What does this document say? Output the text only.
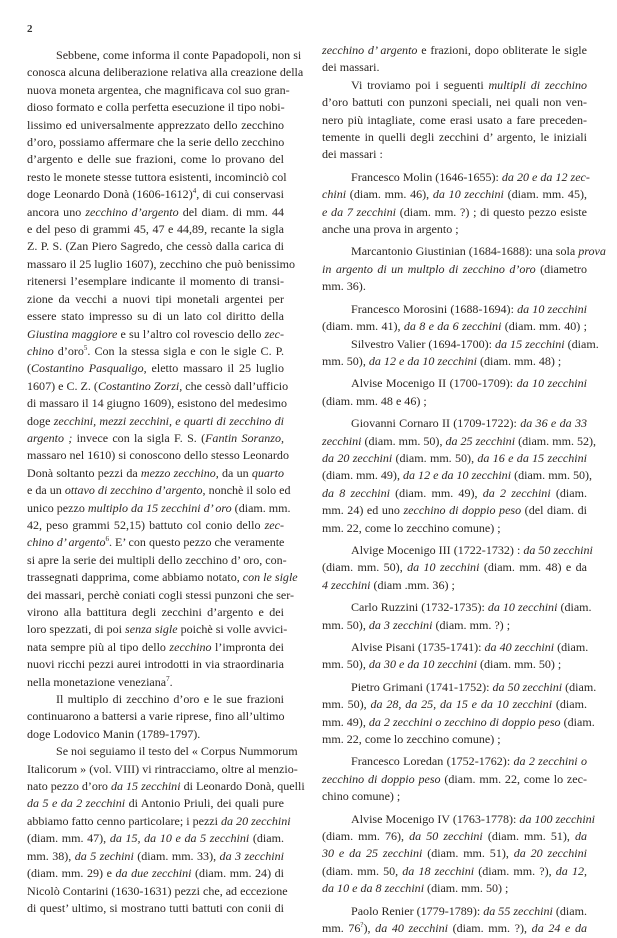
2
Sebbene, come informa il conte Papadopoli, non si
conosca alcuna deliberazione relativa alla creazione della
nuova moneta argentea, che magnificava col suo gran-
dioso formato e colla perfetta esecuzione il tipo nobi-
lissimo ed universalmente apprezzato dello zecchino
d’oro, possiamo affermare che la serie dello zecchino
d’argento e delle sue frazioni, come lo provano del
resto le monete stesse tuttora esistenti, incominciò col
doge Leonardo Donà (1606-1612)$^4$, di cui conservasi
ancora uno zecchino d’argento del diam. di mm. 44
e del peso di grammi 45, 47 e 44,89, recante la sigla
Z. P. S. (Zan Piero Sagredo, che cessò dalla carica di
massaro il 25 luglio 1607), zecchino che può benissimo
ritenersi l’esemplare indicante il momento di transi-
zione da vecchi a nuovi tipi monetali argentei per
essere stato impresso su di un lato col diritto della
Giustina maggiore e su l’altro col rovescio dello zec-
chino d’oro$^5$. Con la stessa sigla e con le sigle C. P.
(Costantino Pasqualigo, eletto massaro il 25 luglio
1607) e C. Z. (Costantino Zorzi, che cessò dall’ufficio
di massaro il 14 giugno 1609), esistono del medesimo
doge zecchini, mezzi zecchini, e quarti di zecchino di
argento ; invece con la sigla F. S. (Fantin Soranzo,
massaro nel 1610) si conoscono dello stesso Leonardo
Donà soltanto pezzi da mezzo zecchino, da un quarto
e da un ottavo di zecchino d’argento, nonchè il solo ed
unico pezzo multiplo da 15 zecchini d’ oro (diam. mm.
42, peso grammi 52,15) battuto col conio dello zec-
chino d’ argento$^6$. E’ con questo pezzo che veramente
si apre la serie dei multipli dello zecchino d’ oro, con-
trassegnati dapprima, come abbiamo notato, con le sigle
dei massari, perchè coniati cogli stessi punzoni che ser-
virono alla battitura degli zecchini d’argento e dei
loro spezzati, di poi senza sigle poichè si volle avvici-
nata sempre più al tipo dello zecchino l’impronta dei
nuovi ricchi pezzi aurei introdotti in via straordinaria
nella monetazione veneziana$^7$.
Il multiplo di zecchino d’oro e le sue frazioni
continuarono a battersi a varie riprese, fino all’ultimo
doge Lodovico Manin (1789-1797).
Se noi seguiamo il testo del « Corpus Nummorum
Italicorum » (vol. VIII) vi rintracciamo, oltre al menzio-
nato pezzo d’oro da 15 zecchini di Leonardo Donà, quelli
da 5 e da 2 zecchini di Antonio Priuli, dei quali pure
abbiamo fatto cenno particolare; i pezzi da 20 zecchini
(diam. mm. 47), da 15, da 10 e da 5 zecchini (diam.
mm. 38), da 5 zechini (diam. mm. 33), da 3 zecchini
(diam. mm. 29) e da due zecchini (diam. mm. 24) di
Nicolò Contarini (1630-1631) pezzi che, ad eccezione
di quest’ ultimo, si mostrano tutti battuti con conii di
zecchino d’ argento e frazioni, dopo obliterate le sigle
dei massari.
Vi troviamo poi i seguenti multipli di zecchino
d’oro battuti con punzoni speciali, nei quali non ven-
nero più intagliate, come erasi usato a fare preceden-
temente in quelli degli zecchini d’ argento, le iniziali
dei massari :
Francesco Molin (1646-1655): da 20 e da 12 zec-
chini (diam. mm. 46), da 10 zecchini (diam. mm. 45),
e da 7 zecchini (diam. mm. ?) ; di questo pezzo esiste
anche una prova in argento ;
Marcantonio Giustinian (1684-1688): una sola prova
in argento di un multplo di zecchino d’oro (diametro
mm. 36).
Francesco Morosini (1688-1694): da 10 zecchini
(diam. mm. 41), da 8 e da 6 zecchini (diam. mm. 40) ;
Silvestro Valier (1694-1700): da 15 zecchini (diam.
mm. 50), da 12 e da 10 zecchini (diam. mm. 48) ;
Alvise Mocenigo II (1700-1709): da 10 zecchini
(diam. mm. 48 e 46) ;
Giovanni Cornaro II (1709-1722): da 36 e da 33
zecchini (diam. mm. 50), da 25 zecchini (diam. mm. 52),
da 20 zecchini (diam. mm. 50), da 16 e da 15 zecchini
(diam. mm. 49), da 12 e da 10 zecchini (diam. mm. 50),
da 8 zecchini (diam. mm. 49), da 2 zecchini (diam.
mm. 24) ed uno zecchino di doppio peso (del diam. di
mm. 22, come lo zecchino comune) ;
Alvige Mocenigo III (1722-1732) : da 50 zecchini
(diam. mm. 50), da 10 zecchini (diam. mm. 48) e da
4 zecchini (diam .mm. 36) ;
Carlo Ruzzini (1732-1735): da 10 zecchini (diam.
mm. 50), da 3 zecchini (diam. mm. ?) ;
Alvise Pisani (1735-1741): da 40 zecchini (diam.
mm. 50), da 30 e da 10 zecchini (diam. mm. 50) ;
Pietro Grimani (1741-1752): da 50 zecchini (diam.
mm. 50), da 28, da 25, da 15 e da 10 zecchini (diam.
mm. 49), da 2 zecchini o zecchino di doppio peso (diam.
mm. 22, come lo zecchino comune) ;
Francesco Loredan (1752-1762): da 2 zecchini o
zecchino di doppio peso (diam. mm. 22, come lo zec-
chino comune) ;
Alvise Mocenigo IV (1763-1778): da 100 zecchini
(diam. mm. 76), da 50 zecchini (diam. mm. 51), da
30 e da 25 zecchini (diam. mm. 51), da 20 zecchini
(diam. mm. 50, da 18 zecchini (diam. mm. ?), da 12,
da 10 e da 8 zecchini (diam. mm. 50) ;
Paolo Renier (1779-1789): da 55 zecchini (diam.
mm. 76?), da 40 zecchini (diam. mm. ?), da 24 e da
